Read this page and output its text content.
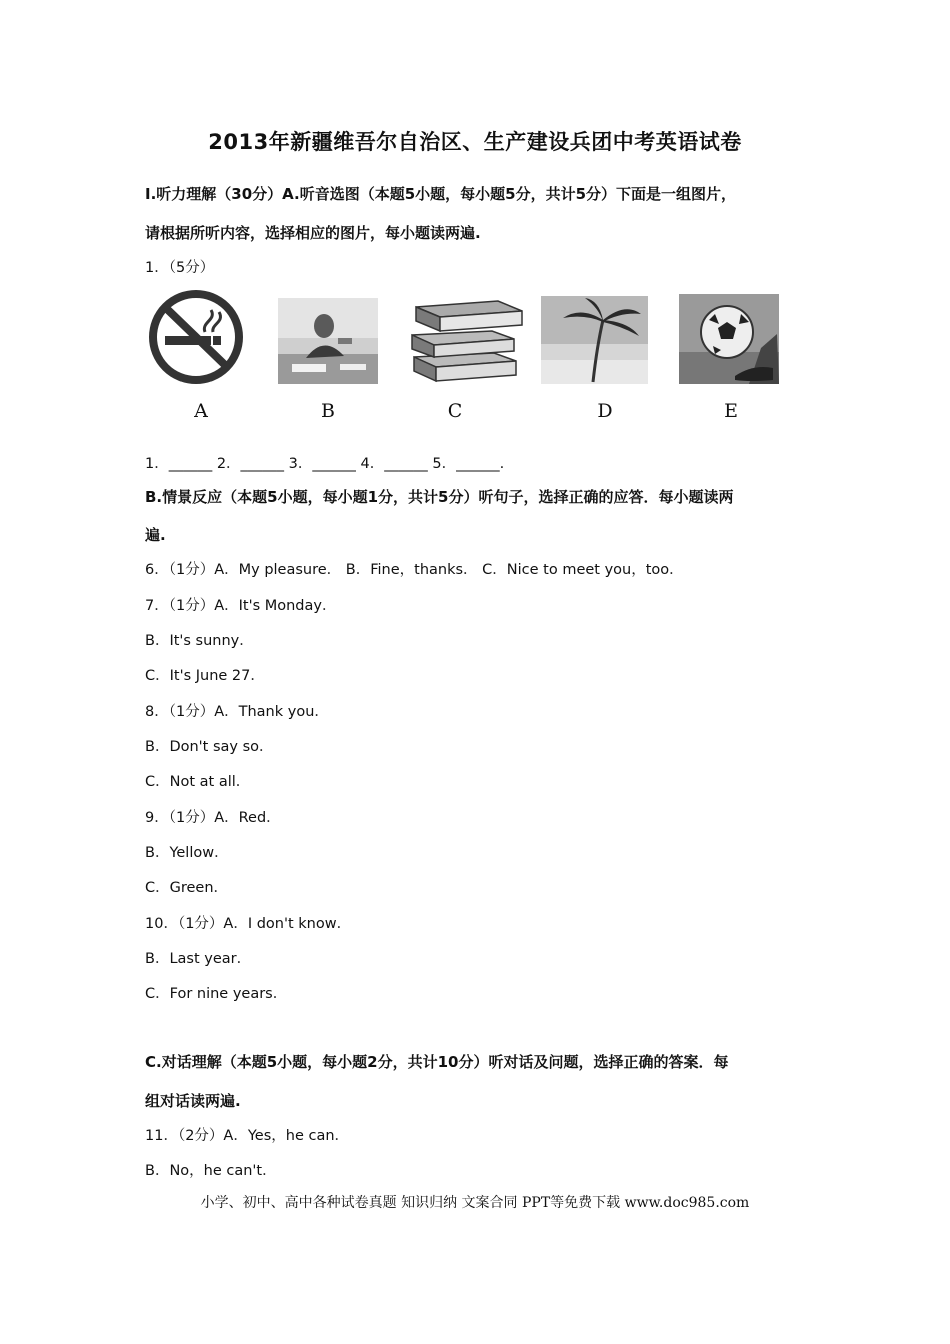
2013年新疆维吾尔自治区、生产建设兵团中考英语试卷
Ⅰ.听力理解（30分）A.听音选图（本题5小题，每小题5分，共计5分）下面是一组图片，
请根据所听内容，选择相应的图片，每小题读两遍.
1．（5分）
A	B	C	D	E
1．______ 2．______ 3．______ 4．______ 5．______.
B.情景反应（本题5小题，每小题1分，共计5分）听句子，选择正确的应答．每小题读两
遍.
6．（1分）A．My pleasure． B．Fine，thanks． C．Nice to meet you，too．
7．（1分）A．It's Monday．
B．It's sunny．
C．It's June 27．
8．（1分）A．Thank you．
B．Don't say so．
C．Not at all．
9．（1分）A．Red．
B．Yellow．
C．Green．
10．（1分）A．I don't know．
B．Last year．
C．For nine years．
C.对话理解（本题5小题，每小题2分，共计10分）听对话及问题，选择正确的答案．每
组对话读两遍.
11．（2分）A．Yes，he can．
B．No，he can't．
小学、初中、高中各种试卷真题 知识归纳 文案合同 PPT等免费下载 www.doc985.com
